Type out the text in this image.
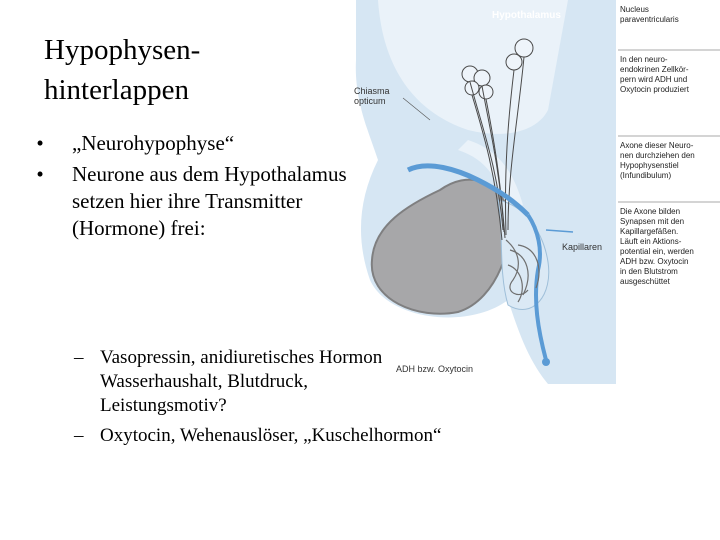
Hypophysen-
hinterlappen
•	„Neurohypophyse“
•	Neurone aus dem Hypothalamus setzen hier ihre Transmitter (Hormone) frei:
– Vasopressin, anidiuretisches Hormon Wasserhaushalt, Blutdruck, Leistungsmotiv?
– Oxytocin, Wehenauslöser, „Kuschelhormon“
Hypothalamus
Chiasma
opticum
Kapillaren
ADH bzw. Oxytocin
Nucleus
paraventricularis
In den neuro-
endokrinen Zellkör-
pern wird ADH und
Oxytocin produziert
Axone dieser Neuro-
nen durchziehen den
Hypophysenstiel
(Infundibulum)
Die Axone bilden
Synapsen mit den
Kapillargefäßen.
Läuft ein Aktions-
potential ein, werden
ADH bzw. Oxytocin
in den Blutstrom
ausgeschüttet
